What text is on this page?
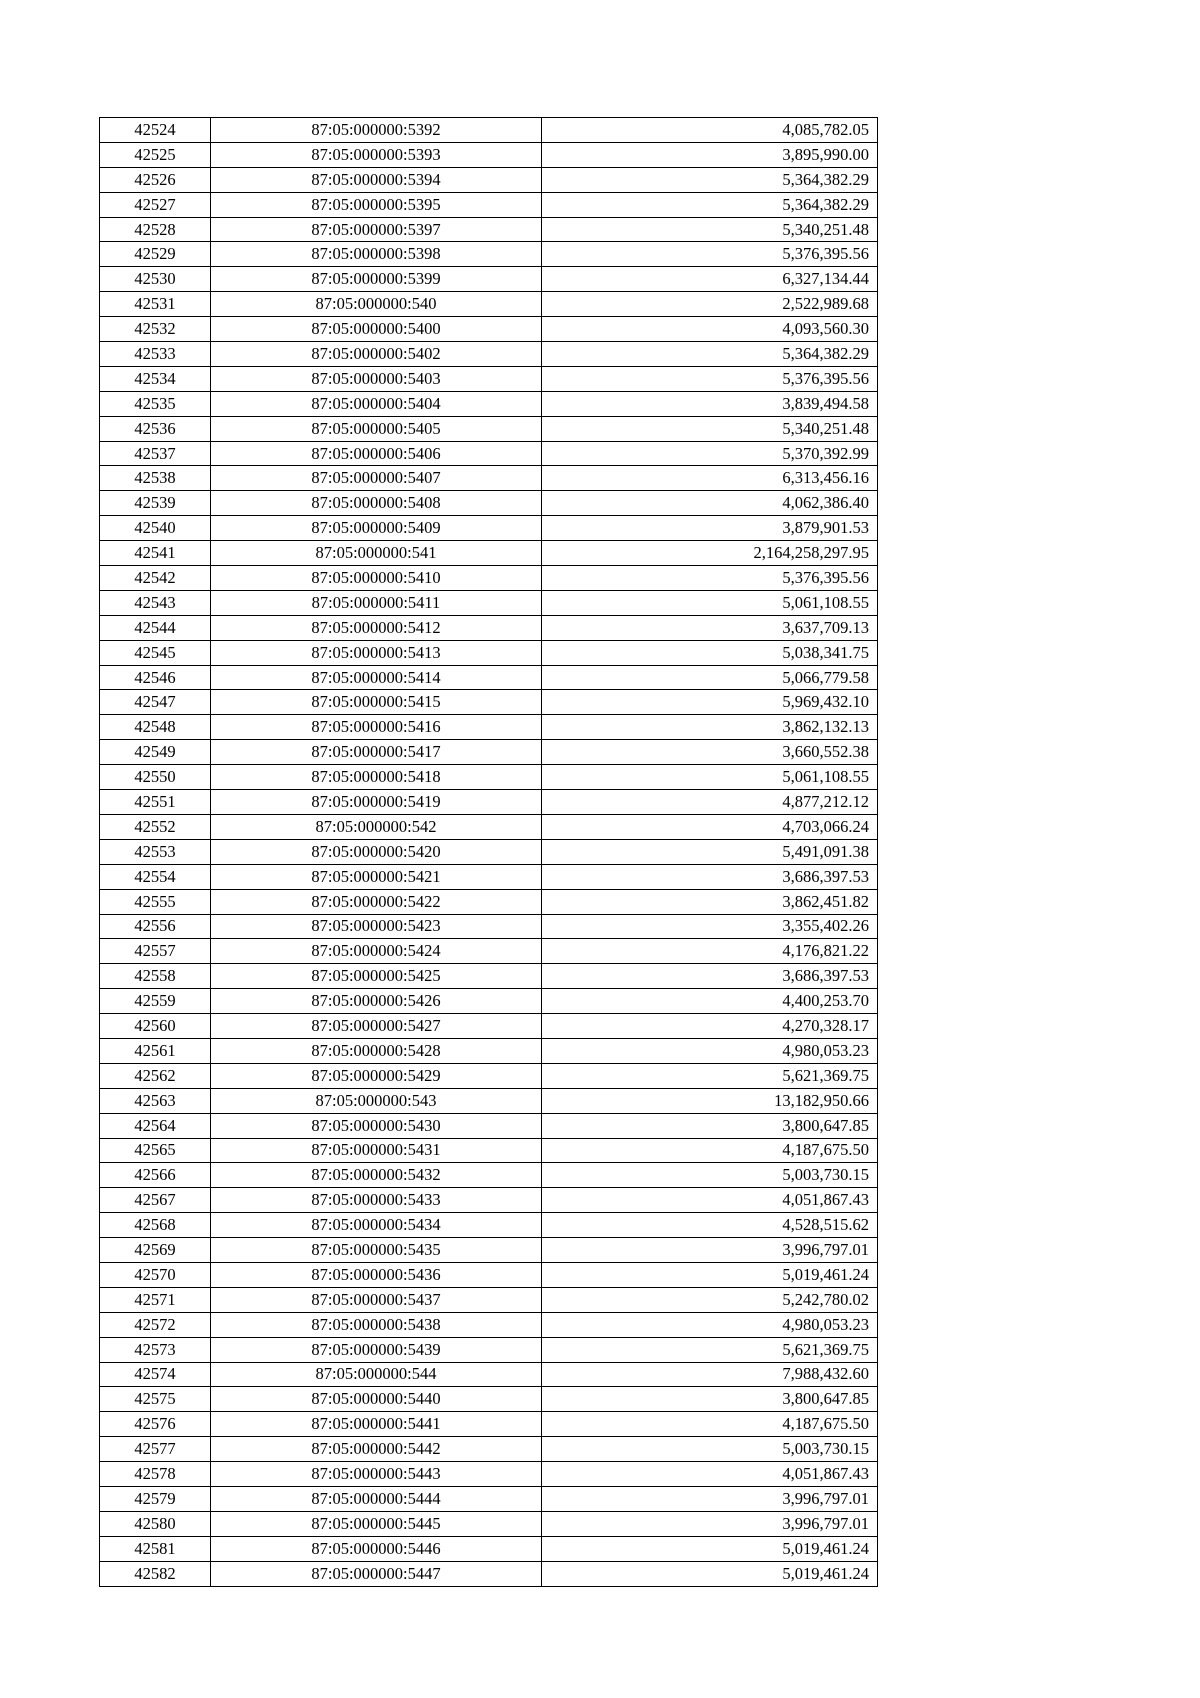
42524	87:05:000000:5392	4,085,782.05
42525	87:05:000000:5393	3,895,990.00
42526	87:05:000000:5394	5,364,382.29
42527	87:05:000000:5395	5,364,382.29
42528	87:05:000000:5397	5,340,251.48
42529	87:05:000000:5398	5,376,395.56
42530	87:05:000000:5399	6,327,134.44
42531	87:05:000000:540	2,522,989.68
42532	87:05:000000:5400	4,093,560.30
42533	87:05:000000:5402	5,364,382.29
42534	87:05:000000:5403	5,376,395.56
42535	87:05:000000:5404	3,839,494.58
42536	87:05:000000:5405	5,340,251.48
42537	87:05:000000:5406	5,370,392.99
42538	87:05:000000:5407	6,313,456.16
42539	87:05:000000:5408	4,062,386.40
42540	87:05:000000:5409	3,879,901.53
42541	87:05:000000:541	2,164,258,297.95
42542	87:05:000000:5410	5,376,395.56
42543	87:05:000000:5411	5,061,108.55
42544	87:05:000000:5412	3,637,709.13
42545	87:05:000000:5413	5,038,341.75
42546	87:05:000000:5414	5,066,779.58
42547	87:05:000000:5415	5,969,432.10
42548	87:05:000000:5416	3,862,132.13
42549	87:05:000000:5417	3,660,552.38
42550	87:05:000000:5418	5,061,108.55
42551	87:05:000000:5419	4,877,212.12
42552	87:05:000000:542	4,703,066.24
42553	87:05:000000:5420	5,491,091.38
42554	87:05:000000:5421	3,686,397.53
42555	87:05:000000:5422	3,862,451.82
42556	87:05:000000:5423	3,355,402.26
42557	87:05:000000:5424	4,176,821.22
42558	87:05:000000:5425	3,686,397.53
42559	87:05:000000:5426	4,400,253.70
42560	87:05:000000:5427	4,270,328.17
42561	87:05:000000:5428	4,980,053.23
42562	87:05:000000:5429	5,621,369.75
42563	87:05:000000:543	13,182,950.66
42564	87:05:000000:5430	3,800,647.85
42565	87:05:000000:5431	4,187,675.50
42566	87:05:000000:5432	5,003,730.15
42567	87:05:000000:5433	4,051,867.43
42568	87:05:000000:5434	4,528,515.62
42569	87:05:000000:5435	3,996,797.01
42570	87:05:000000:5436	5,019,461.24
42571	87:05:000000:5437	5,242,780.02
42572	87:05:000000:5438	4,980,053.23
42573	87:05:000000:5439	5,621,369.75
42574	87:05:000000:544	7,988,432.60
42575	87:05:000000:5440	3,800,647.85
42576	87:05:000000:5441	4,187,675.50
42577	87:05:000000:5442	5,003,730.15
42578	87:05:000000:5443	4,051,867.43
42579	87:05:000000:5444	3,996,797.01
42580	87:05:000000:5445	3,996,797.01
42581	87:05:000000:5446	5,019,461.24
42582	87:05:000000:5447	5,019,461.24
